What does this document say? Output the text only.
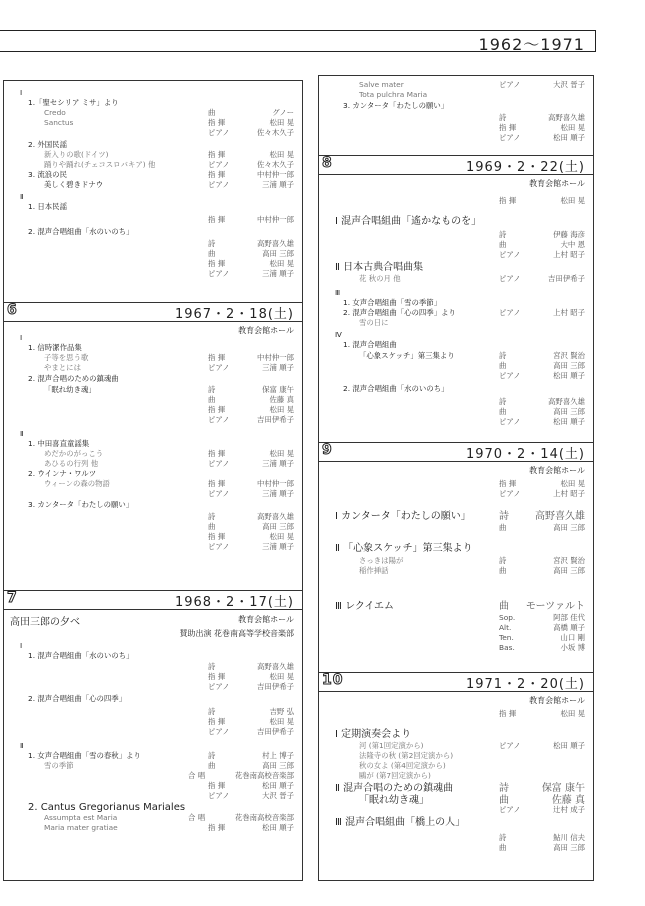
1962～1971
Ⅰ
1.「聖セシリア ミサ」より
Credo	曲	グノー
Sanctus	指 揮	松田 晃
ピアノ	佐々木久子
2. 外国民謡
新入りの歌(ドイツ)	指 揮	松田 晃
踊りや踊れ(チェコスロバキア) 他	ピアノ	佐々木久子
3. 流浪の民	指 揮	中村仲一郎
美しく碧きドナウ	ピアノ	三浦 順子
Ⅱ
1. 日本民謡
指 揮	中村仲一郎
2. 混声合唱組曲「水のいのち」
詩	高野喜久雄
曲	高田 三郎
指 揮	松田 晃
ピアノ	三浦 順子
6	1967・2・18(土)
教育会館ホール
Ⅰ
1. 信時潔作品集
子等を思う歌	指 揮	中村仲一郎
やまとには	ピアノ	三浦 順子
2. 混声合唱のための鎮魂曲
「眠れ幼き魂」	詩	保富 康午
曲	佐藤 真
指 揮	松田 晃
ピアノ	吉田伊希子
Ⅱ
1. 中田喜直童謡集
めだかのがっこう	指 揮	松田 晃
あひるの行列 他	ピアノ	三浦 順子
2. ウインナ・ワルツ
ウィーンの森の物語	指 揮	中村仲一郎
ピアノ	三浦 順子
3. カンタータ「わたしの願い」
詩	高野喜久雄
曲	高田 三郎
指 揮	松田 晃
ピアノ	三浦 順子
7	1968・2・17(土)
高田三郎の夕べ	教育会館ホール
賛助出演 花巻南高等学校音楽部
Ⅰ
1. 混声合唱組曲「水のいのち」
詩	高野喜久雄
指 揮	松田 晃
ピアノ	吉田伊希子
2. 混声合唱組曲「心の四季」
詩	吉野 弘
指 揮	松田 晃
ピアノ	吉田伊希子
Ⅱ
1. 女声合唱組曲「雪の春秋」より	詩	村上 博子
雪の季節	曲	高田 三郎
合 唱	花巻南高校音楽部
指 揮	松田 順子
ピアノ	大沢 晉子
2. Cantus Gregorianus Mariales
Assumpta est Maria	合 唱	花巻南高校音楽部
Maria mater gratiae	指 揮	松田 順子
Salve mater	ピアノ	大沢 晉子
Tota pulchra Maria
3. カンタータ「わたしの願い」
詩	高野喜久雄
指 揮	松田 晃
ピアノ	松田 順子
8	1969・2・22(土)
教育会館ホール
指 揮	松田 晃
Ⅰ 混声合唱組曲「遙かなものを」
詩	伊藤 海彦
曲	大中 恩
ピアノ	上村 昭子
Ⅱ 日本古典合唱曲集
花 秋の月 他	ピアノ	吉田伊希子
Ⅲ
1. 女声合唱組曲「雪の季節」
2. 混声合唱組曲「心の四季」より	ピアノ	上村 昭子
雪の日に
Ⅳ
1. 混声合唱組曲
「心象スケッチ」第三集より	詩	宮沢 賢治
曲	高田 三郎
ピアノ	松田 順子
2. 混声合唱組曲「水のいのち」
詩	高野喜久雄
曲	高田 三郎
ピアノ	松田 順子
9	1970・2・14(土)
教育会館ホール
指 揮	松田 晃
ピアノ	上村 昭子
Ⅰ カンタータ「わたしの願い」	詩	高野喜久雄
曲	高田 三郎
Ⅱ 「心象スケッチ」第三集より
さっきは陽が	詩	宮沢 賢治
稲作挿話	曲	高田 三郎
Ⅲ レクイエム	曲 モーツァルト
Sop.	阿部 佳代
Alt.	高橋 順子
Ten.	山口 剛
Bas.	小坂 博
10	1971・2・20(土)
教育会館ホール
指 揮	松田 晃
Ⅰ 定期演奏会より
河 (第1回定演から)	ピアノ	松田 順子
法隆寺の秋 (第2回定演から)
秋の女よ (第4回定演から)
鷗が (第7回定演から)
Ⅱ 混声合唱のための鎮魂曲	詩	保富 康午
「眠れ幼き魂」	曲	佐藤 真
ピアノ	辻村 成子
Ⅲ 混声合唱組曲「橋上の人」
詩	鮎川 信夫
曲	高田 三郎
